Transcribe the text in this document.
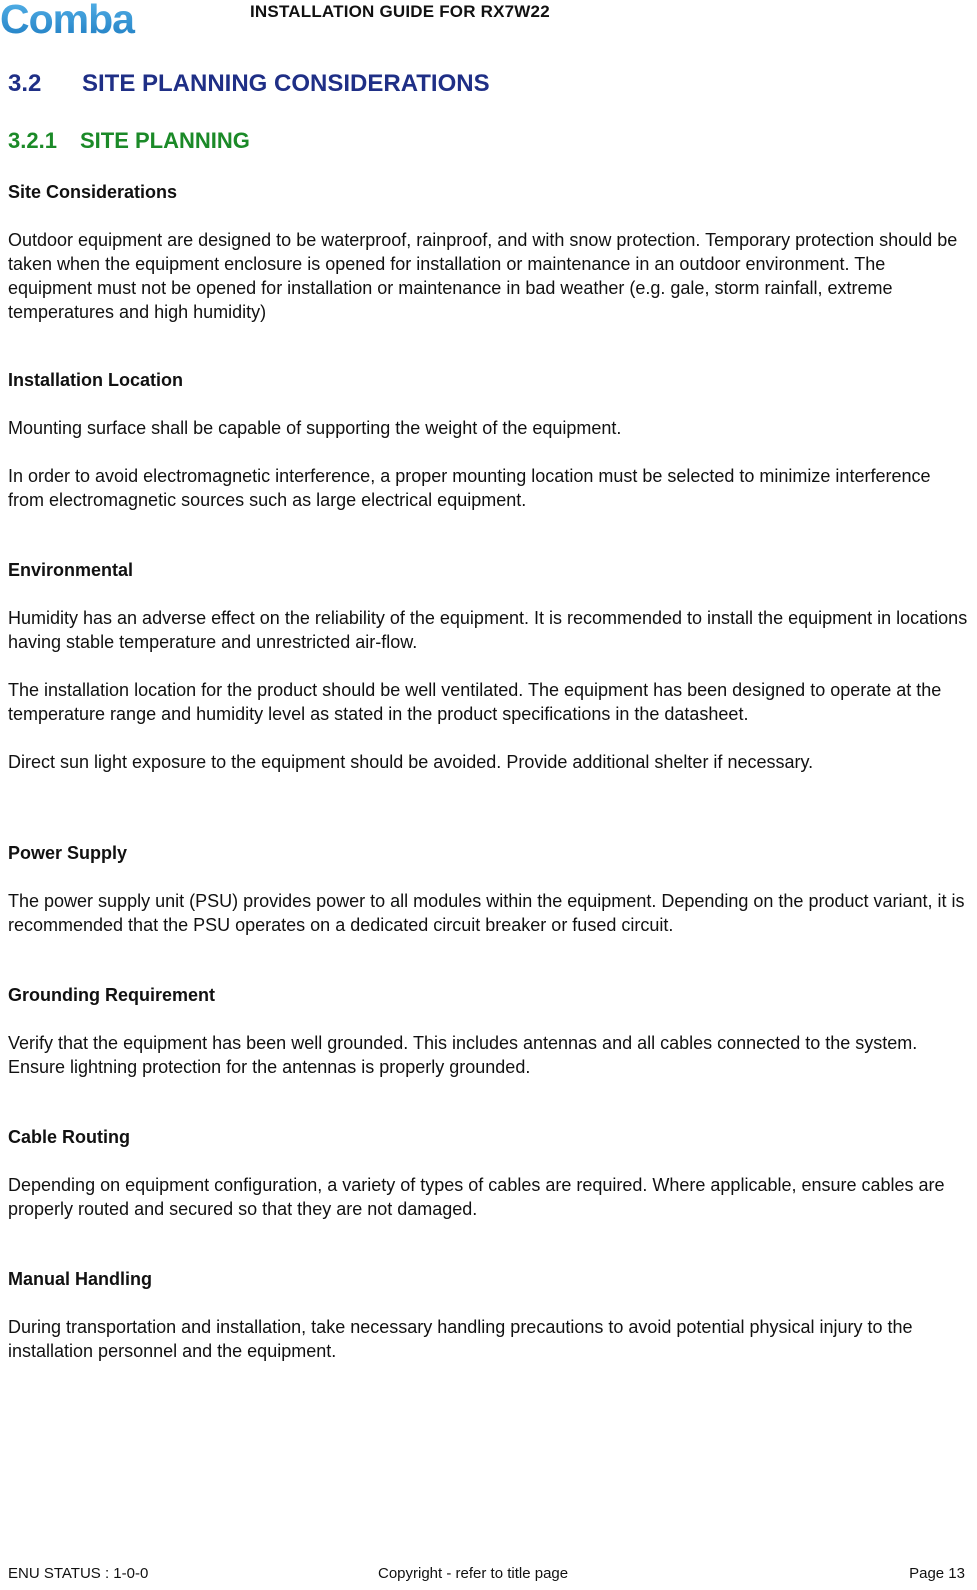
Comba	INSTALLATION GUIDE FOR RX7W22
3.2 SITE PLANNING CONSIDERATIONS
3.2.1 SITE PLANNING
Site Considerations

Outdoor equipment are designed to be waterproof, rainproof, and with snow protection. Temporary protection should be taken when the equipment enclosure is opened for installation or maintenance in an outdoor environment. The equipment must not be opened for installation or maintenance in bad weather (e.g. gale, storm rainfall, extreme temperatures and high humidity)

Installation Location

Mounting surface shall be capable of supporting the weight of the equipment.

In order to avoid electromagnetic interference, a proper mounting location must be selected to minimize interference from electromagnetic sources such as large electrical equipment.

Environmental

Humidity has an adverse effect on the reliability of the equipment. It is recommended to install the equipment in locations having stable temperature and unrestricted air-flow.

The installation location for the product should be well ventilated. The equipment has been designed to operate at the temperature range and humidity level as stated in the product specifications in the datasheet.

Direct sun light exposure to the equipment should be avoided. Provide additional shelter if necessary.

Power Supply

The power supply unit (PSU) provides power to all modules within the equipment. Depending on the product variant, it is recommended that the PSU operates on a dedicated circuit breaker or fused circuit.

Grounding Requirement

Verify that the equipment has been well grounded. This includes antennas and all cables connected to the system. Ensure lightning protection for the antennas is properly grounded.

Cable Routing

Depending on equipment configuration, a variety of types of cables are required. Where applicable, ensure cables are properly routed and secured so that they are not damaged.

Manual Handling

During transportation and installation, take necessary handling precautions to avoid potential physical injury to the installation personnel and the equipment.

ENU STATUS : 1-0-0	Copyright - refer to title page	Page 13
